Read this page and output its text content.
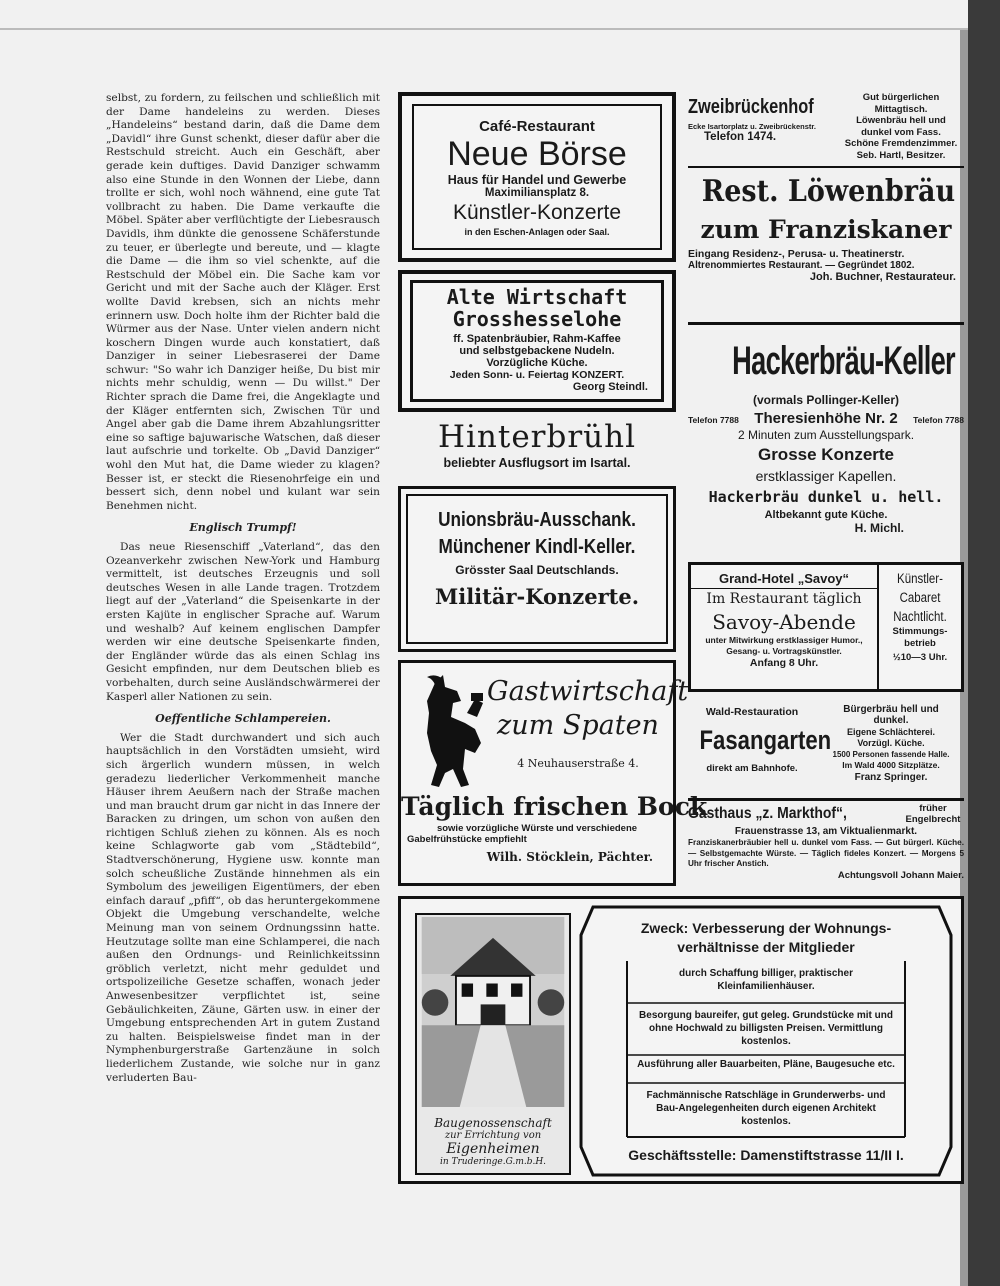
selbst, zu fordern, zu feilschen und schließlich mit der Dame handeleins zu werden. Dieses „Handeleins“ bestand darin, daß die Dame dem „Davidl“ ihre Gunst schenkt, dieser dafür aber die Restschuld streicht. Auch ein Geschäft, aber gerade kein duftiges. David Danziger schwamm also eine Stunde in den Wonnen der Liebe, dann trollte er sich, wohl noch wähnend, eine gute Tat vollbracht zu haben. Die Dame verkaufte die Möbel. Später aber verflüchtigte der Liebesrausch Davidls, ihm dünkte die genossene Schäferstunde zu teuer, er überlegte und bereute, und — klagte die Dame — die ihm so viel schenkte, auf die Restschuld der Möbel ein. Die Sache kam vor Gericht und mit der Sache auch der Kläger. Erst wollte David krebsen, sich an nichts mehr erinnern usw. Doch holte ihm der Richter bald die Würmer aus der Nase. Unter vielen andern nicht koschern Dingen wurde auch konstatiert, daß Danziger in seiner Liebesraserei der Dame schwur: "So wahr ich Danziger heiße, Du bist mir nichts mehr schuldig, wenn — Du willst." Der Richter sprach die Dame frei, die Angeklagte und der Kläger entfernten sich, Zwischen Tür und Angel aber gab die Dame ihrem Abzahlungsritter eine so saftige bajuwarische Watschen, daß dieser laut aufschrie und torkelte. Ob „David Danziger“ wohl den Mut hat, die Dame wieder zu klagen? Besser ist, er steckt die Riesenohrfeige ein und bessert sich, denn nobel und kulant war sein Benehmen nicht.

Englisch Trumpf!

Das neue Riesenschiff „Vaterland“, das den Ozeanverkehr zwischen New-York und Hamburg vermittelt, ist deutsches Erzeugnis und soll deutsches Wesen in alle Lande tragen. Trotzdem liegt auf der „Vaterland“ die Speisenkarte in der ersten Kajüte in englischer Sprache auf. Warum und weshalb? Auf keinem englischen Dampfer werden wir eine deutsche Speisenkarte finden, der Engländer würde das als einen Schlag ins Gesicht empfinden, nur dem Deutschen blieb es vorbehalten, durch seine Ausländschwärmerei der Kasperl aller Nationen zu sein.

Oeffentliche Schlampereien.

Wer die Stadt durchwandert und sich auch hauptsächlich in den Vorstädten umsieht, wird sich ärgerlich wundern müssen, in welch geradezu liederlicher Verkommenheit manche Häuser ihrem Aeußern nach der Straße machen und man braucht drum gar nicht in das Innere der Baracken zu dringen, um schon von außen den richtigen Schluß ziehen zu können. Als es noch keine Schlagworte gab vom „Städtebild“, Stadtverschönerung, Hygiene usw. konnte man solch scheußliche Zustände hinnehmen als ein Symbolum des jeweiligen Eigentümers, der eben einfach darauf „pfiff“, ob das heruntergekommene Objekt die Umgebung verschandelte, welche Meinung man von seinem Ordnungssinn hatte. Heutzutage sollte man eine Schlamperei, die nach außen den Ordnungs- und Reinlichkeitssinn gröblich verletzt, nicht mehr geduldet und ortspolizeiliche Gesetze schaffen, wonach jeder Anwesenbesitzer verpflichtet ist, seine Gebäulichkeiten, Zäune, Gärten usw. in einer der Umgebung entsprechenden Art in gutem Zustand zu halten. Beispielsweise findet man in der Nymphenburgerstraße Gartenzäune in solch liederlichem Zustande, wie solche nur in ganz verluderten Bau-

Café-Restaurant
Neue Börse
Haus für Handel und Gewerbe
Maximiliansplatz 8.
Künstler-Konzerte
in den Eschen-Anlagen oder Saal.
Alte Wirtschaft
Grosshesselohe
ff. Spatenbräubier, Rahm-Kaffee
und selbstgebackene Nudeln.
Vorzügliche Küche.
Jeden Sonn- u. Feiertag KONZERT.
Georg Steindl.
Hinterbrühl
beliebter Ausflugsort im Isartal.
Unionsbräu-Ausschank.
Münchener Kindl-Keller.
Grösster Saal Deutschlands.
Militär-Konzerte.
Gastwirtschaft
zum Spaten
4 Neuhauserstraße 4.
Täglich frischen Bock
sowie vorzügliche Würste und verschiedene
Gabelfrühstücke empfiehlt
Wilh. Stöcklein, Pächter.
Zweibrückenhof
Ecke Isartorplatz u. Zweibrückenstr.
Telefon 1474.
Gut bürgerlichen
Mittagtisch.
Löwenbräu hell und
dunkel vom Fass.
Schöne Fremdenzimmer.
Seb. Hartl, Besitzer.
Rest. Löwenbräu
zum Franziskaner
Eingang Residenz-, Perusa- u. Theatinerstr.
Altrenommiertes Restaurant. — Gegründet 1802.
Joh. Buchner, Restaurateur.
Hackerbräu-Keller
(vormals Pollinger-Keller)
Telefon 7788 Theresienhöhe Nr. 2 Telefon 7788
2 Minuten zum Ausstellungspark.
Grosse Konzerte
erstklassiger Kapellen.
Hackerbräu dunkel u. hell.
Altbekannt gute Küche.
H. Michl.
Grand-Hotel „Savoy“
Im Restaurant täglich
Savoy-Abende
unter Mitwirkung erstklassiger Humor., Gesang- u. Vortragskünstler.
Anfang 8 Uhr.
Künstler-
Cabaret
Nachtlicht.
Stimmungs-
betrieb
½10—3 Uhr.
Wald-Restauration
Fasangarten
direkt am Bahnhofe.
Bürgerbräu hell und
dunkel.
Eigene Schlächterei.
Vorzügl. Küche.
1500 Personen fassende Halle.
Im Wald 4000 Sitzplätze.
Franz Springer.
Gasthaus „z. Markthof“,	früher Engelbrecht
Frauenstrasse 13, am Viktualienmarkt.
Franziskanerbräubier hell u. dunkel vom Fass. — Gut bürgerl. Küche. — Selbstgemachte Würste. — Täglich fideles Konzert. — Morgens 5 Uhr frischer Anstich.
Achtungsvoll Johann Maier.
Baugenossenschaft
zur Errichtung von
Eigenheimen
in Truderinge.G.m.b.H.
Zweck: Verbesserung der Wohnungs-
verhältnisse der Mitglieder
durch Schaffung billiger, praktischer Kleinfamilienhäuser.
Besorgung baureifer, gut geleg. Grundstücke mit und ohne Hochwald zu billigsten Preisen. Vermittlung kostenlos.
Ausführung aller Bauarbeiten, Pläne, Baugesuche etc.
Fachmännische Ratschläge in Grunderwerbs- und Bau-Angelegenheiten durch eigenen Architekt kostenlos.
Geschäftsstelle: Damenstiftstrasse 11/II I.
